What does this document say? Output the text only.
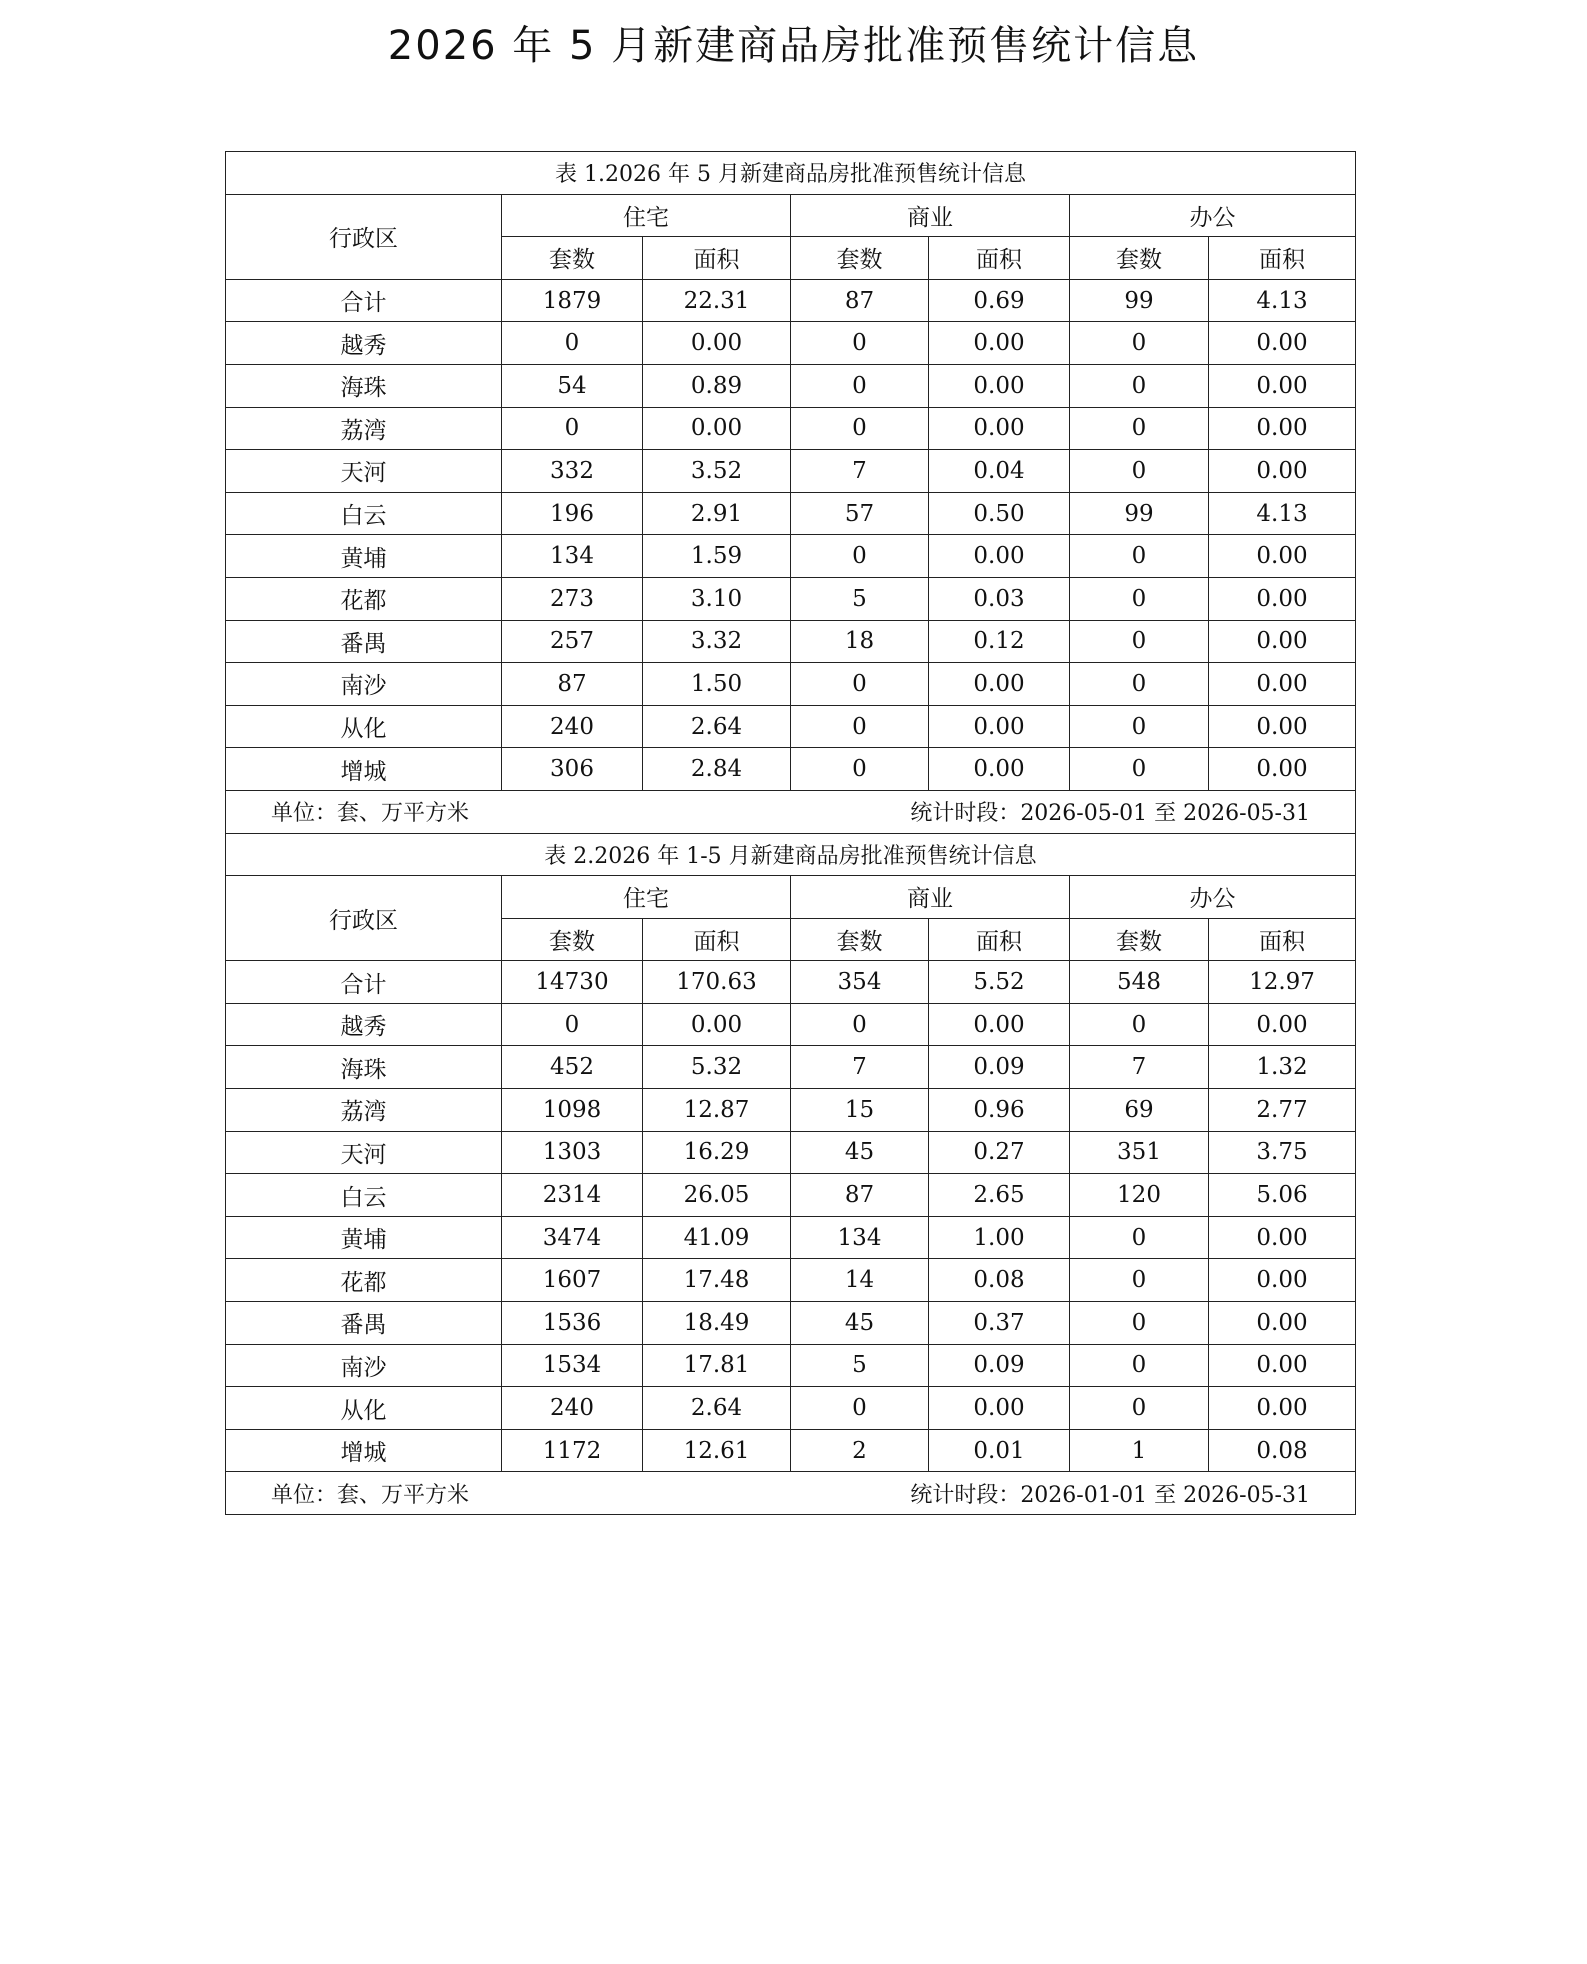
2026 年 5 月新建商品房批准预售统计信息
表 1.2026 年 5 月新建商品房批准预售统计信息						
行政区	住宅		商业		办公	
	套数	面积	套数	面积	套数	面积
合计	1879	22.31	87	0.69	99	4.13
越秀	0	0.00	0	0.00	0	0.00
海珠	54	0.89	0	0.00	0	0.00
荔湾	0	0.00	0	0.00	0	0.00
天河	332	3.52	7	0.04	0	0.00
白云	196	2.91	57	0.50	99	4.13
黄埔	134	1.59	0	0.00	0	0.00
花都	273	3.10	5	0.03	0	0.00
番禺	257	3.32	18	0.12	0	0.00
南沙	87	1.50	0	0.00	0	0.00
从化	240	2.64	0	0.00	0	0.00
增城	306	2.84	0	0.00	0	0.00

单位：套、万平方米 统计时段：2026-05-01 至 2026-05-31						

表 2.2026 年 1-5 月新建商品房批准预售统计信息						
行政区	住宅		商业		办公	
	套数	面积	套数	面积	套数	面积
合计	14730	170.63	354	5.52	548	12.97
越秀	0	0.00	0	0.00	0	0.00
海珠	452	5.32	7	0.09	7	1.32
荔湾	1098	12.87	15	0.96	69	2.77
天河	1303	16.29	45	0.27	351	3.75
白云	2314	26.05	87	2.65	120	5.06
黄埔	3474	41.09	134	1.00	0	0.00
花都	1607	17.48	14	0.08	0	0.00
番禺	1536	18.49	45	0.37	0	0.00
南沙	1534	17.81	5	0.09	0	0.00
从化	240	2.64	0	0.00	0	0.00
增城	1172	12.61	2	0.01	1	0.08

单位：套、万平方米 统计时段：2026-01-01 至 2026-05-31						
